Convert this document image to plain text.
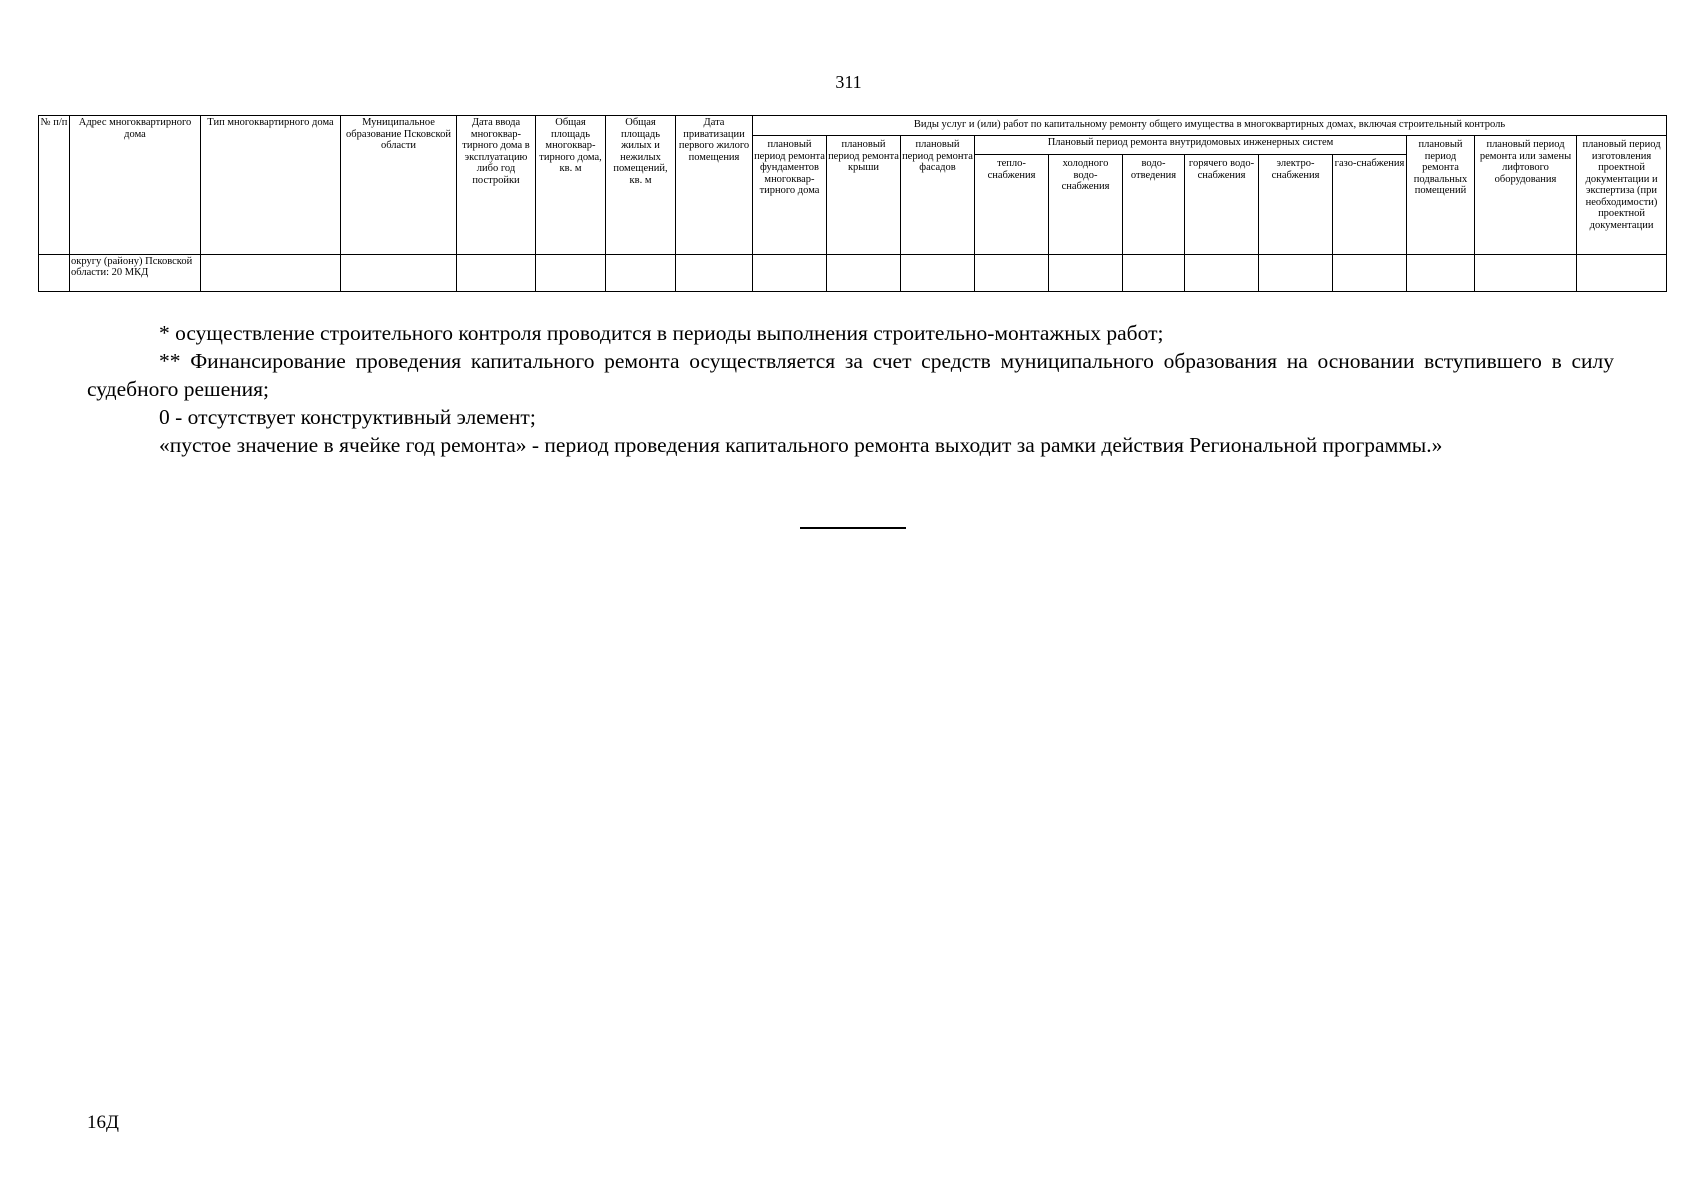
311
№ п/п	Адрес многоквартирного дома	Тип многоквартирного дома	Муниципальное образование Псковской области	Дата ввода многоквар-тирного дома в эксплуатацию либо год постройки	Общая площадь многоквар-тирного дома, кв. м	Общая площадь жилых и нежилых помещений, кв. м	Дата приватизации первого жилого помещения	Виды услуг и (или) работ по капитальному ремонту общего имущества в многоквартирных домах, включая строительный контроль											
								плановый период ремонта фундаментов многоквар-тирного дома	плановый период ремонта крыши	плановый период ремонта фасадов	Плановый период ремонта внутридомовых инженерных систем						плановый период ремонта подвальных помещений	плановый период ремонта или замены лифтового оборудования	плановый период изготовления проектной документации и экспертиза (при необходимости) проектной документации
											тепло-снабжения	холодного водо-снабжения	водо-отведения	горячего водо-снабжения	электро-снабжения	газо-снабжения			
	округу (району) Псковской области: 20 МКД																		

* осуществление строительного контроля проводится в периоды выполнения строительно-монтажных работ;

** Финансирование проведения капитального ремонта осуществляется за счет средств муниципального образования на основании вступившего в силу судебного решения;

0 - отсутствует конструктивный элемент;

«пустое значение в ячейке год ремонта» - период проведения капитального ремонта выходит за рамки действия Региональной программы.»

16Д
